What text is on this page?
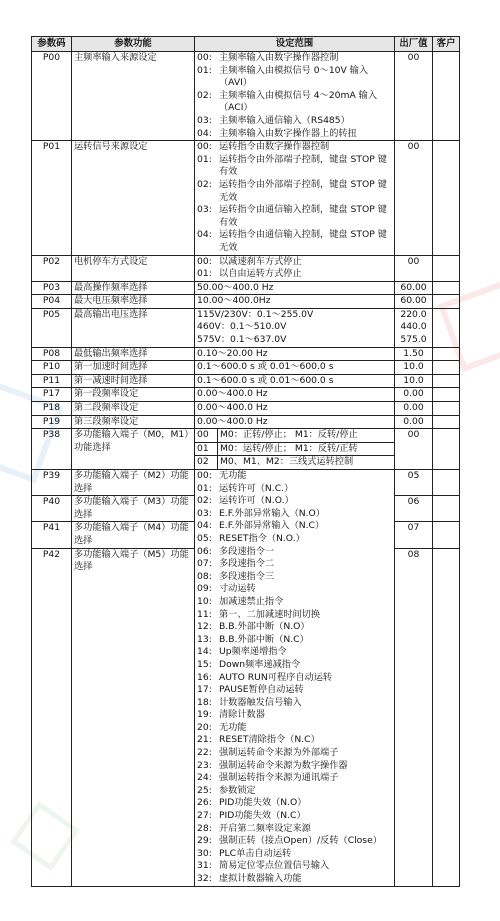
参数码	参数功能	设定范围	出厂值	客户
P00	主频率输入来源设定	00: 主频率输入由数字操作器控制
01: 主频率输入由模拟信号 0～10V 输入
（AVI）
02: 主频率输入由模拟信号 4～20mA 输入
（ACI）
03: 主频率输入通信输入（RS485）
04: 主频率输入由数字操作器上的转扭

00

P01	运转信号来源设定	00: 运转指令由数字操作器控制
01: 运转指令由外部端子控制，键盘 STOP 键
有效
02: 运转指令由外部端子控制，键盘 STOP 键
无效
03: 运转指令由通信输入控制，键盘 STOP 键
有效
04: 运转指令由通信输入控制，键盘 STOP 键
无效

00

P02	电机停车方式设定	00: 以减速刹车方式停止
01: 以自由运转方式停止

00

P03	最高操作频率选择	50.00～400.0 Hz	60.00

P04	最大电压频率选择	10.00～400.0Hz	60.00

P05	最高输出电压选择	115V/230V：0.1～255.0V
460V：0.1～510.0V
575V：0.1～637.0V

220.0
440.0
575.0

P08	最低输出频率选择	0.10～20.00 Hz	1.50

P10	第一加速时间选择	0.1～600.0 s 或 0.01～600.0 s	10.0

P11	第一减速时间选择	0.1～600.0 s 或 0.01～600.0 s	10.0

P17	第一段频率设定	0.00～400.0 Hz	0.00

P18	第二段频率设定	0.00～400.0 Hz	0.00

P19	第三段频率设定	0.00～400.0 Hz	0.00

P38	多功能输入端子（M0，M1）功能选择	
00	M0：正转/停止； M1：反转/停止
01	M0：运转/停止； M1：反转/正转
02	M0、M1、M2：三线式运转控制
	00	
P39	多功能输入端子（M2）功能选择	
00: 无功能
01: 运转许可（N.C.）
02: 运转许可（N.O.）
03: E.F.外部异常输入（N.O）
04: E.F.外部异常输入（N.C）
05: RESET指令（N.O.）
06: 多段速指令一
07: 多段速指令二
08: 多段速指令三
09: 寸动运转
10: 加减速禁止指令
11: 第一、二加减速时间切换
12: B.B.外部中断（N.O）
13: B.B.外部中断（N.C）
14: Up频率递增指令
15: Down频率递减指令
16: AUTO RUN可程序自动运转
17: PAUSE暂停自动运转
18: 计数器触发信号输入
19: 清除计数器
20: 无功能
21: RESET清除指令（N.C）
22: 强制运转命令来源为外部端子
23: 强制运转命令来源为数字操作器
24: 强制运转指令来源为通讯端子
25: 参数锁定
26: PID功能失效（N.O）
27: PID功能失效（N.C）
28: 开启第二频率设定来源
29: 强制正转（接点Open）/反转（Close）
30: PLC单击自动运转
31: 简易定位零点位置信号输入
32: 虚拟计数器输入功能
	05	
P40	多功能输入端子（M3）功能选择	06	
P41	多功能输入端子（M4）功能选择	07	
P42	多功能输入端子（M5）功能选择	08	
